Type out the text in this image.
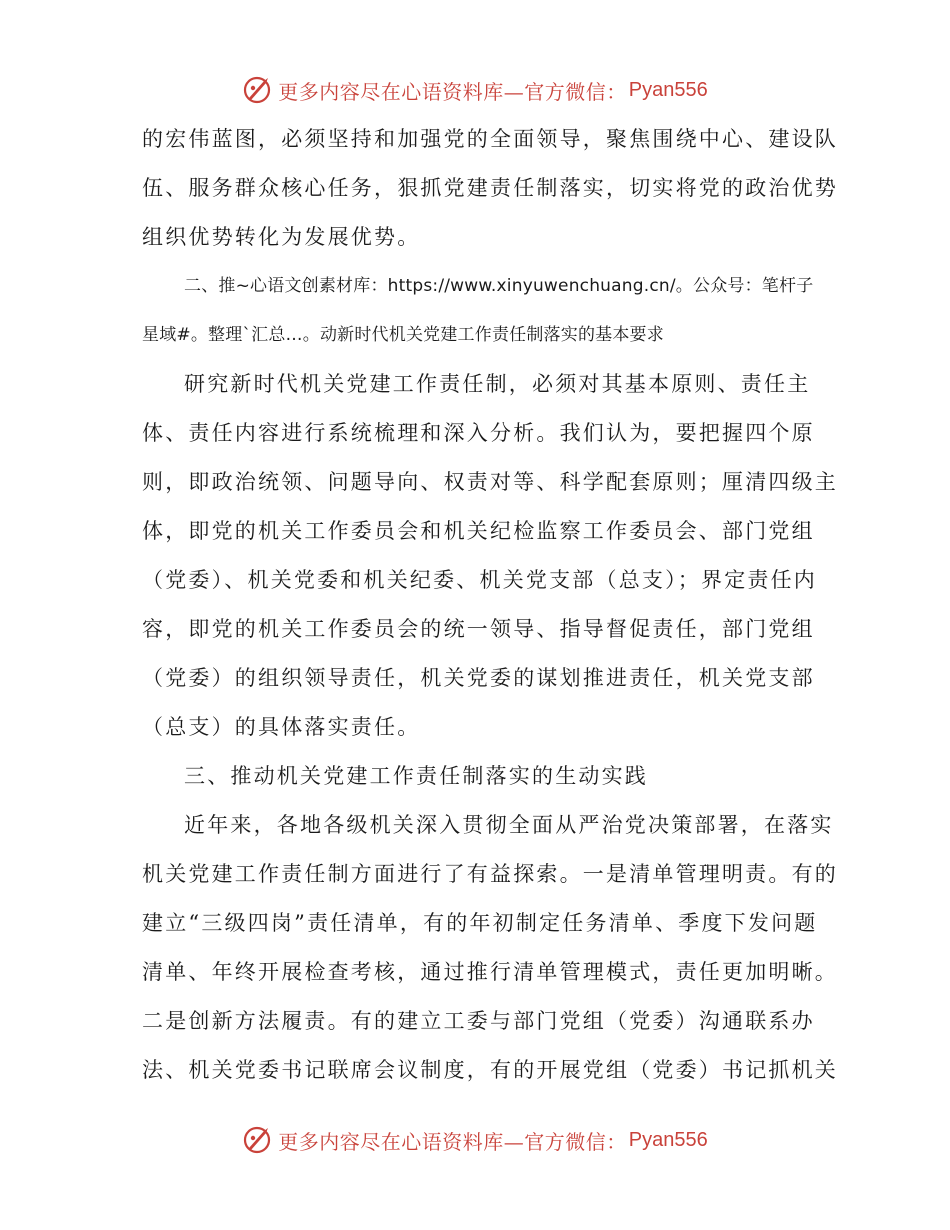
更多内容尽在心语资料库—官方微信： Pyan556
的宏伟蓝图，必须坚持和加强党的全面领导，聚焦围绕中心、建设队
伍、服务群众核心任务，狠抓党建责任制落实，切实将党的政治优势
组织优势转化为发展优势。
二、推~心语文创素材库：https://www.xinyuwenchuang.cn/。公众号：笔杆子
星域#。整理`汇总…。动新时代机关党建工作责任制落实的基本要求
研究新时代机关党建工作责任制，必须对其基本原则、责任主
体、责任内容进行系统梳理和深入分析。我们认为，要把握四个原
则，即政治统领、问题导向、权责对等、科学配套原则；厘清四级主
体，即党的机关工作委员会和机关纪检监察工作委员会、部门党组
（党委）、机关党委和机关纪委、机关党支部（总支）；界定责任内
容，即党的机关工作委员会的统一领导、指导督促责任，部门党组
（党委）的组织领导责任，机关党委的谋划推进责任，机关党支部
（总支）的具体落实责任。
三、推动机关党建工作责任制落实的生动实践
近年来，各地各级机关深入贯彻全面从严治党决策部署，在落实
机关党建工作责任制方面进行了有益探索。一是清单管理明责。有的
建立“三级四岗”责任清单，有的年初制定任务清单、季度下发问题
清单、年终开展检查考核，通过推行清单管理模式，责任更加明晰。
二是创新方法履责。有的建立工委与部门党组（党委）沟通联系办
法、机关党委书记联席会议制度，有的开展党组（党委）书记抓机关
更多内容尽在心语资料库—官方微信： Pyan556
